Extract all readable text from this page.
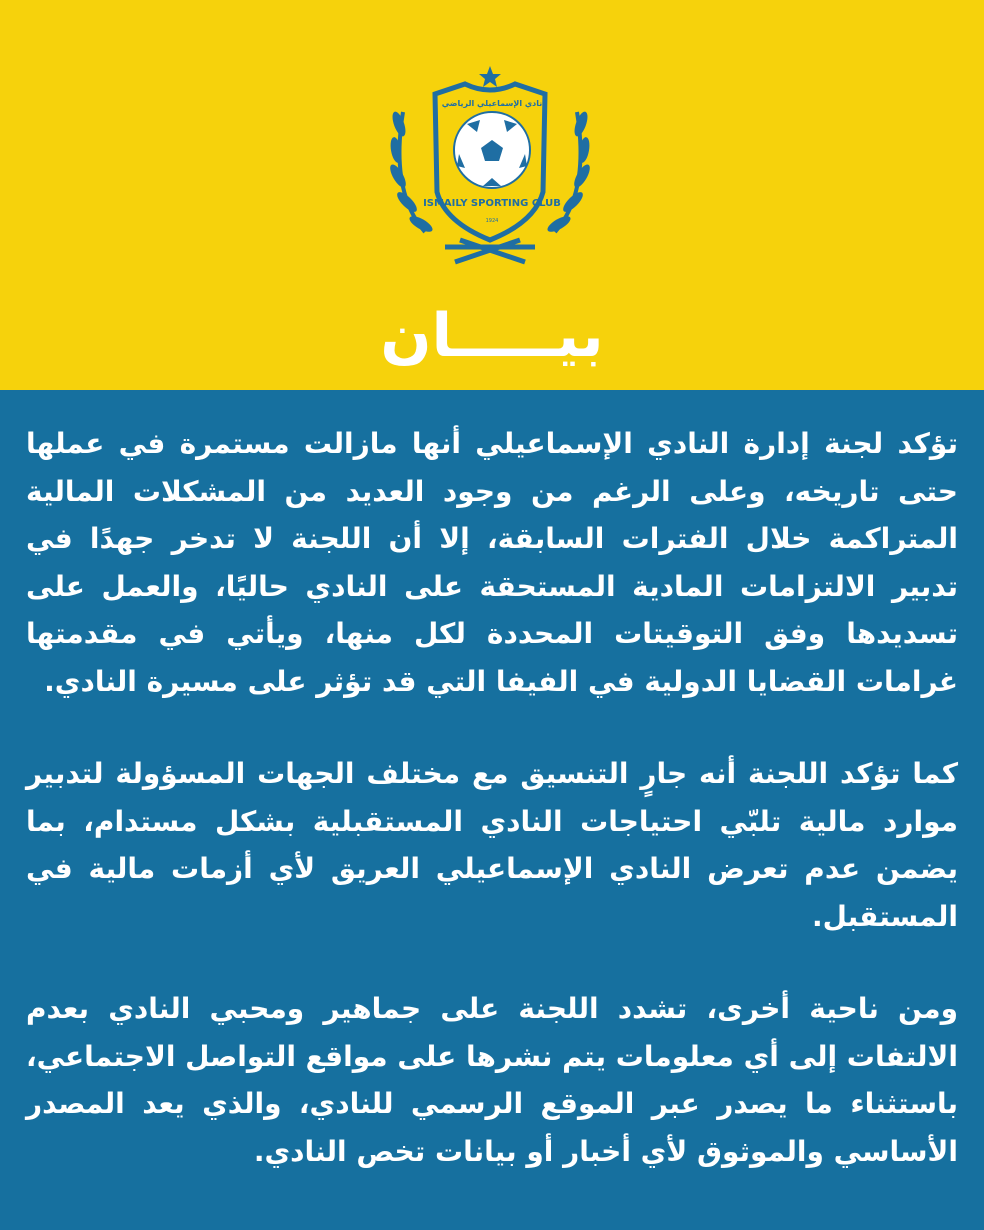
ISMAILY SPORTING CLUB
1924
نادي الإسماعيلي الرياضي
بيـــــان

تؤكد لجنة إدارة النادي الإسماعيلي أنها مازالت مستمرة في عملها حتى تاريخه، وعلى الرغم من وجود العديد من المشكلات المالية المتراكمة خلال الفترات السابقة، إلا أن اللجنة لا تدخر جهدًا في تدبير الالتزامات المادية المستحقة على النادي حاليًا، والعمل على تسديدها وفق التوقيتات المحددة لكل منها، ويأتي في مقدمتها غرامات القضايا الدولية في الفيفا التي قد تؤثر على مسيرة النادي.

كما تؤكد اللجنة أنه جارٍ التنسيق مع مختلف الجهات المسؤولة لتدبير موارد مالية تلبّي احتياجات النادي المستقبلية بشكل مستدام، بما يضمن عدم تعرض النادي الإسماعيلي العريق لأي أزمات مالية في المستقبل.

ومن ناحية أخرى، تشدد اللجنة على جماهير ومحبي النادي بعدم الالتفات إلى أي معلومات يتم نشرها على مواقع التواصل الاجتماعي، باستثناء ما يصدر عبر الموقع الرسمي للنادي، والذي يعد المصدر الأساسي والموثوق لأي أخبار أو بيانات تخص النادي.
